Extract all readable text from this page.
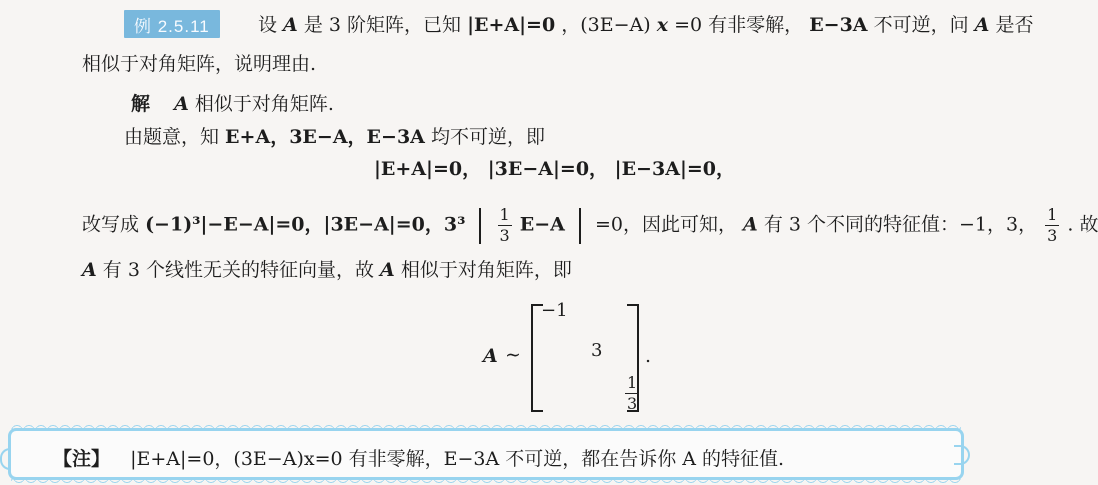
例 2.5.11	设 A 是 3 阶矩阵，已知 |E+A|=0 ，(3E−A) x =0 有非零解， E−3A 不可逆，问 A 是否
相似于对角矩阵，说明理由.
解 A 相似于对角矩阵.
由题意，知 E+A，3E−A，E−3A 均不可逆，即
|E+A|=0， |3E−A|=0， |E−3A|=0，
改写成 (−1)³|−E−A|=0，|3E−A|=0，$3^3 \frac{1}{3} E-A =0$，因此可知， A 有 3 个不同的特征值：−1，3， $\frac{1}{3}$ . 故
A 有 3 个线性无关的特征向量，故 A 相似于对角矩阵，即
A ∼
−1
3
$\frac{1}{3}$
.
【注】 |E+A|=0，(3E−A)x=0 有非零解，E−3A 不可逆，都在告诉你 A 的特征值.
